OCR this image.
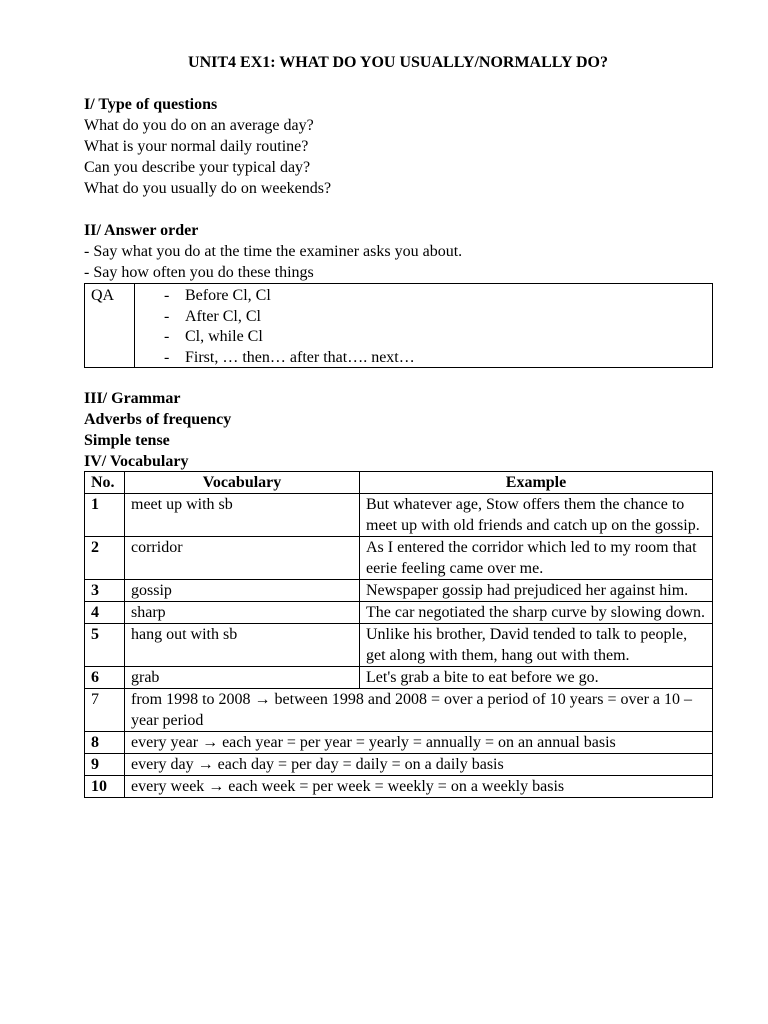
UNIT4 EX1: WHAT DO YOU USUALLY/NORMALLY DO?

I/ Type of questions

What do you do on an average day?

What is your normal daily routine?

Can you describe your typical day?

What do you usually do on weekends?

II/ Answer order

- Say what you do at the time the examiner asks you about.

- Say how often you do these things

QA	
-Before Cl, Cl
- After Cl, Cl
- Cl, while Cl
- First, … then… after that…. next…

III/ Grammar

Adverbs of frequency

Simple tense

IV/ Vocabulary

No.	Vocabulary	Example
1	meet up with sb	But whatever age, Stow offers them the chance to meet up with old friends and catch up on the gossip.
2	corridor	As I entered the corridor which led to my room that eerie feeling came over me.
3	gossip	Newspaper gossip had prejudiced her against him.
4	sharp	The car negotiated the sharp curve by slowing down.
5	hang out with sb	Unlike his brother, David tended to talk to people, get along with them, hang out with them.
6	grab	Let's grab a bite to eat before we go.
7	from 1998 to 2008 → between 1998 and 2008 = over a period of 10 years = over a 10 – year period	
8	every year → each year = per year = yearly = annually = on an annual basis	
9	every day → each day = per day = daily = on a daily basis	
10	every week → each week = per week = weekly = on a weekly basis	
